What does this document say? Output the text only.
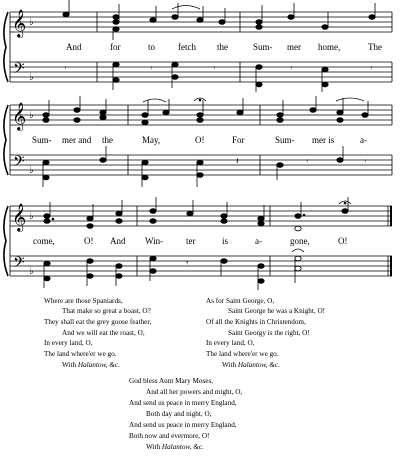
𝄞
𝄢
♭
♭
𝄾	𝄾	𝄾	𝄾	𝄾
And	for	to	fetch the	Sum- mer home,	The
𝄞
𝄢
♭
♭
𝄽	𝄾	𝄾
Sum- mer and the	May,	O!	For	Sum- mer is	a-
𝄞
𝄢
♭
♭
𝄾
come,	O! And Win-	ter	is	a-	gone,	O!
Where are those Spaniards,
That make so great a boast, O?
They shall eat the grey goose feather,
And we will eat the roast, O,
In every land, O,
The land where'er we go.
With Halantow, &c.
As for Saint George, O,
Saint George he was a Knight, O!
Of all the Knights in Christendom,
Saint Georgy is the right, O!
In every land, O,
The land where'er we go.
With Halantow, &c.
God bless Aunt Mary Moses,
And all her powers and might, O,
And send us peace in merry England,
Both day and night, O,
And send us peace in merry England,
Both now and evermore, O!
With Halantow, &c.
